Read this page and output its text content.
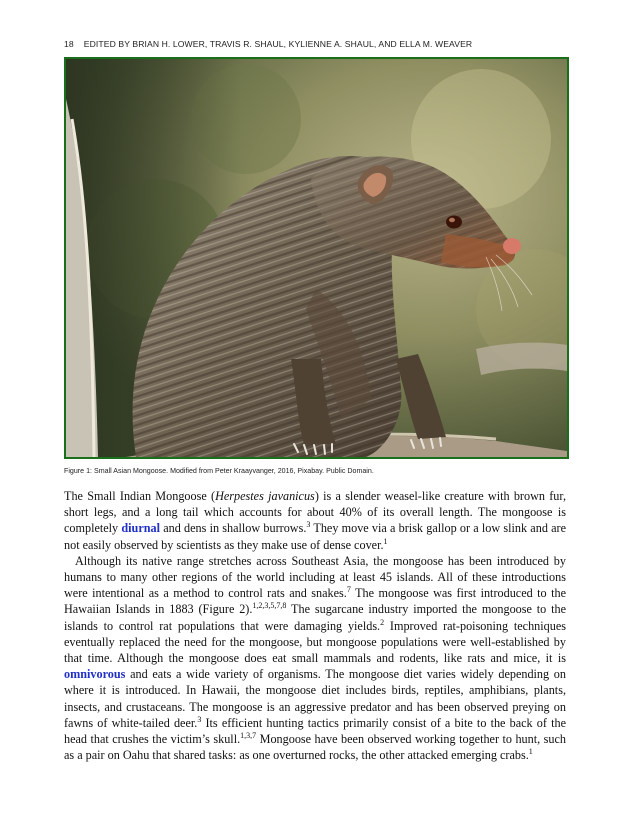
18 EDITED BY BRIAN H. LOWER, TRAVIS R. SHAUL, KYLIENNE A. SHAUL, AND ELLA M. WEAVER
Figure 1: Small Asian Mongoose. Modified from Peter Kraayvanger, 2016, Pixabay. Public Domain.

The Small Indian Mongoose (Herpestes javanicus) is a slender weasel-like creature with brown fur, short legs, and a long tail which accounts for about 40% of its overall length. The mongoose is completely diurnal and dens in shallow burrows.$^3$ They move via a brisk gallop or a low slink and are not easily observed by scientists as they make use of dense cover.$^1$

Although its native range stretches across Southeast Asia, the mongoose has been introduced by humans to many other regions of the world including at least 45 islands. All of these introductions were intentional as a method to control rats and snakes.$^7$ The mongoose was first introduced to the Hawaiian Islands in 1883 (Figure 2).$^{1,2,3,5,7,8}$ The sugarcane industry imported the mongoose to the islands to control rat populations that were damaging yields.$^2$ Improved rat-poisoning techniques eventually replaced the need for the mongoose, but mongoose populations were well-established by that time. Although the mongoose does eat small mammals and rodents, like rats and mice, it is omnivorous and eats a wide variety of organisms. The mongoose diet varies widely depending on where it is introduced. In Hawaii, the mongoose diet includes birds, reptiles, amphibians, plants, insects, and crustaceans. The mongoose is an aggressive predator and has been observed preying on fawns of white-tailed deer.$^3$ Its efficient hunting tactics primarily consist of a bite to the back of the head that crushes the victim’s skull.$^{1,3,7}$ Mongoose have been observed working together to hunt, such as a pair on Oahu that shared tasks: as one overturned rocks, the other attacked emerging crabs.$^1$
